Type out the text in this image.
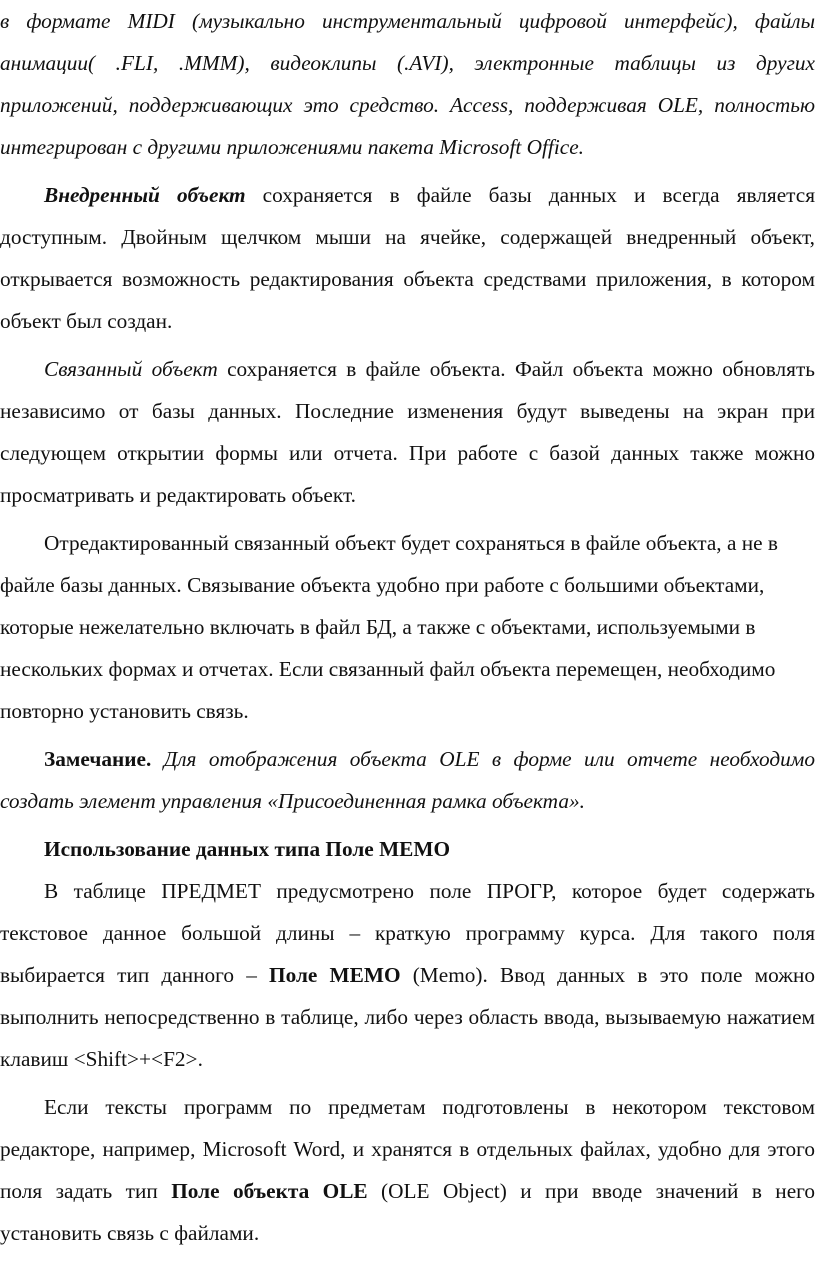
в формате MIDI (музыкально инструментальный цифровой интерфейс), файлы анимации( .FLI, .MMM), видеоклипы (.AVI), электронные таблицы из других приложений, поддерживающих это средство. Access, поддерживая OLE, полностью интегрирован с другими приложениями пакета Microsoft Office.

Внедренный объект сохраняется в файле базы данных и всегда является доступным. Двойным щелчком мыши на ячейке, содержащей внедренный объект, открывается возможность редактирования объекта средствами приложения, в котором объект был создан.

Связанный объект сохраняется в файле объекта. Файл объекта можно обновлять независимо от базы данных. Последние изменения будут выведены на экран при следующем открытии формы или отчета. При работе с базой данных также можно просматривать и редактировать объект.

Отредактированный связанный объект будет сохраняться в файле объекта, а не в файле базы данных. Связывание объекта удобно при работе с большими объектами, которые нежелательно включать в файл БД, а также с объектами, используемыми в нескольких формах и отчетах. Если связанный файл объекта перемещен, необходимо повторно установить связь.

Замечание. Для отображения объекта OLE в форме или отчете необходимо создать элемент управления «Присоединенная рамка объекта».

Использование данных типа Поле МЕМО

В таблице ПРЕДМЕТ предусмотрено поле ПРОГР, которое будет содержать текстовое данное большой длины – краткую программу курса. Для такого поля выбирается тип данного – Поле МЕМО (Memo). Ввод данных в это поле можно выполнить непосредственно в таблице, либо через область ввода, вызываемую нажатием клавиш <Shift>+<F2>.

Если тексты программ по предметам подготовлены в некотором текстовом редакторе, например, Microsoft Word, и хранятся в отдельных файлах, удобно для этого поля задать тип Поле объекта OLE (OLE Object) и при вводе значений в него установить связь с файлами.
